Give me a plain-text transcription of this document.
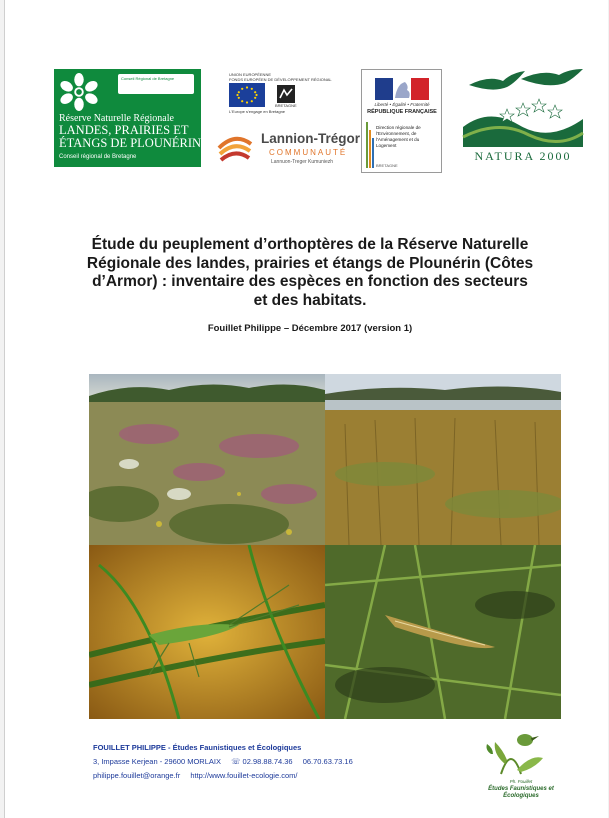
Conseil Régional de Bretagne
Réserve Naturelle Régionale
LANDES, PRAIRIES ET
ÉTANGS DE PLOUNÉRIN
Conseil régional de Bretagne
UNION EUROPÉENNE
FONDS EUROPÉEN DE DÉVELOPPEMENT RÉGIONAL
BRETAGNE
L'Europe s'engage en Bretagne
Lannion-Trégor
COMMUNAUTÉ
Lannuon-Treger Kumuniezh
Liberté • Égalité • Fraternité
RÉPUBLIQUE FRANÇAISE
Direction régionale de l'Environnement, de l'Aménagement et du Logement
BRETAGNE
NATURA 2000
Étude du peuplement d’orthoptères de la Réserve Naturelle Régionale des landes, prairies et étangs de Plounérin (Côtes d’Armor) : inventaire des espèces en fonction des secteurs et des habitats.
Fouillet Philippe – Décembre 2017 (version 1)
FOUILLET PHILIPPE - Études Faunistiques et Écologiques
3, Impasse Kerjean - 29600 MORLAIX ☏ 02.98.88.74.36 06.70.63.73.16
philippe.fouillet@orange.fr http://www.fouillet-ecologie.com/
Ph. Fouillet
Études Faunistiques et Écologiques
